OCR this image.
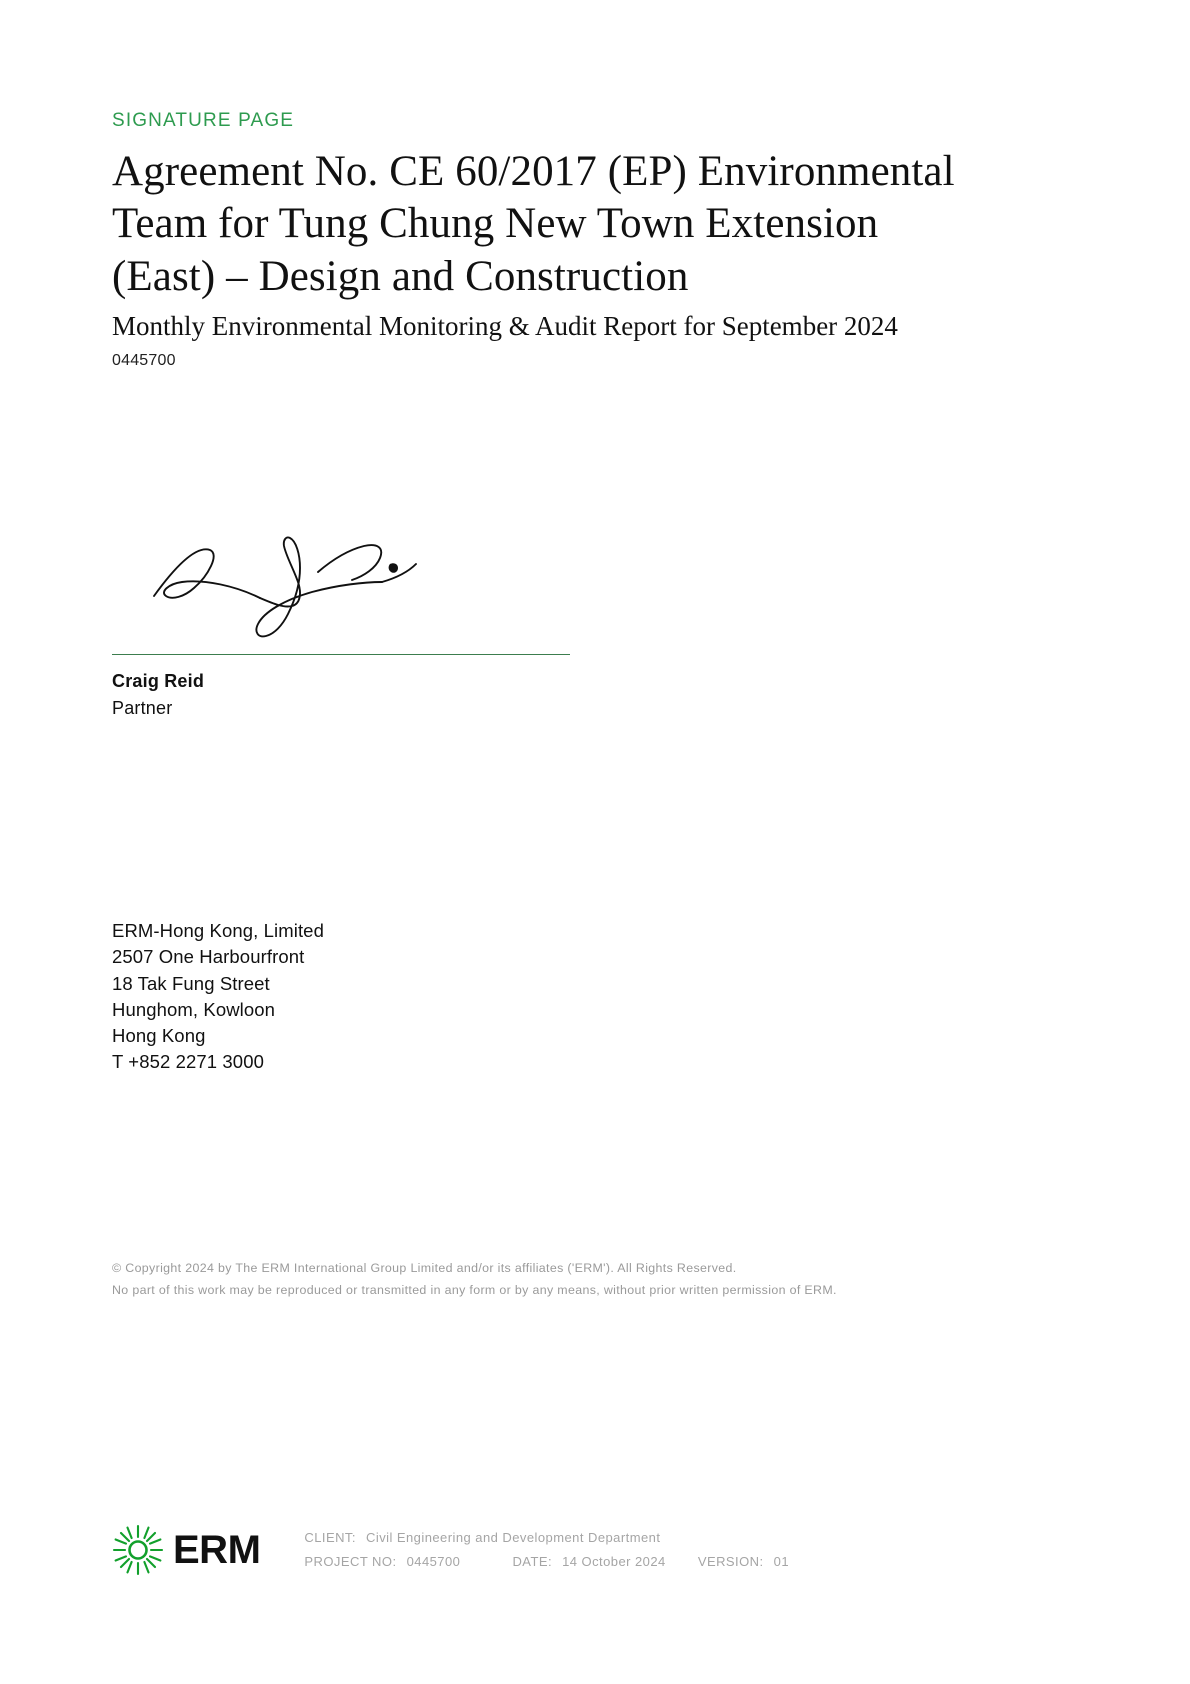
SIGNATURE PAGE

Agreement No. CE 60/2017 (EP) Environmental Team for Tung Chung New Town Extension (East) – Design and Construction

Monthly Environmental Monitoring & Audit Report for September 2024

0445700

Craig Reid
Partner
ERM-Hong Kong, Limited
2507 One Harbourfront
18 Tak Fung Street
Hunghom, Kowloon
Hong Kong
T +852 2271 3000
© Copyright 2024 by The ERM International Group Limited and/or its affiliates ('ERM'). All Rights Reserved.
No part of this work may be reproduced or transmitted in any form or by any means, without prior written permission of ERM.
ERM	CLIENT: Civil Engineering and Development Department
PROJECT NO: 0445700	DATE: 14 October 2024 VERSION: 01
